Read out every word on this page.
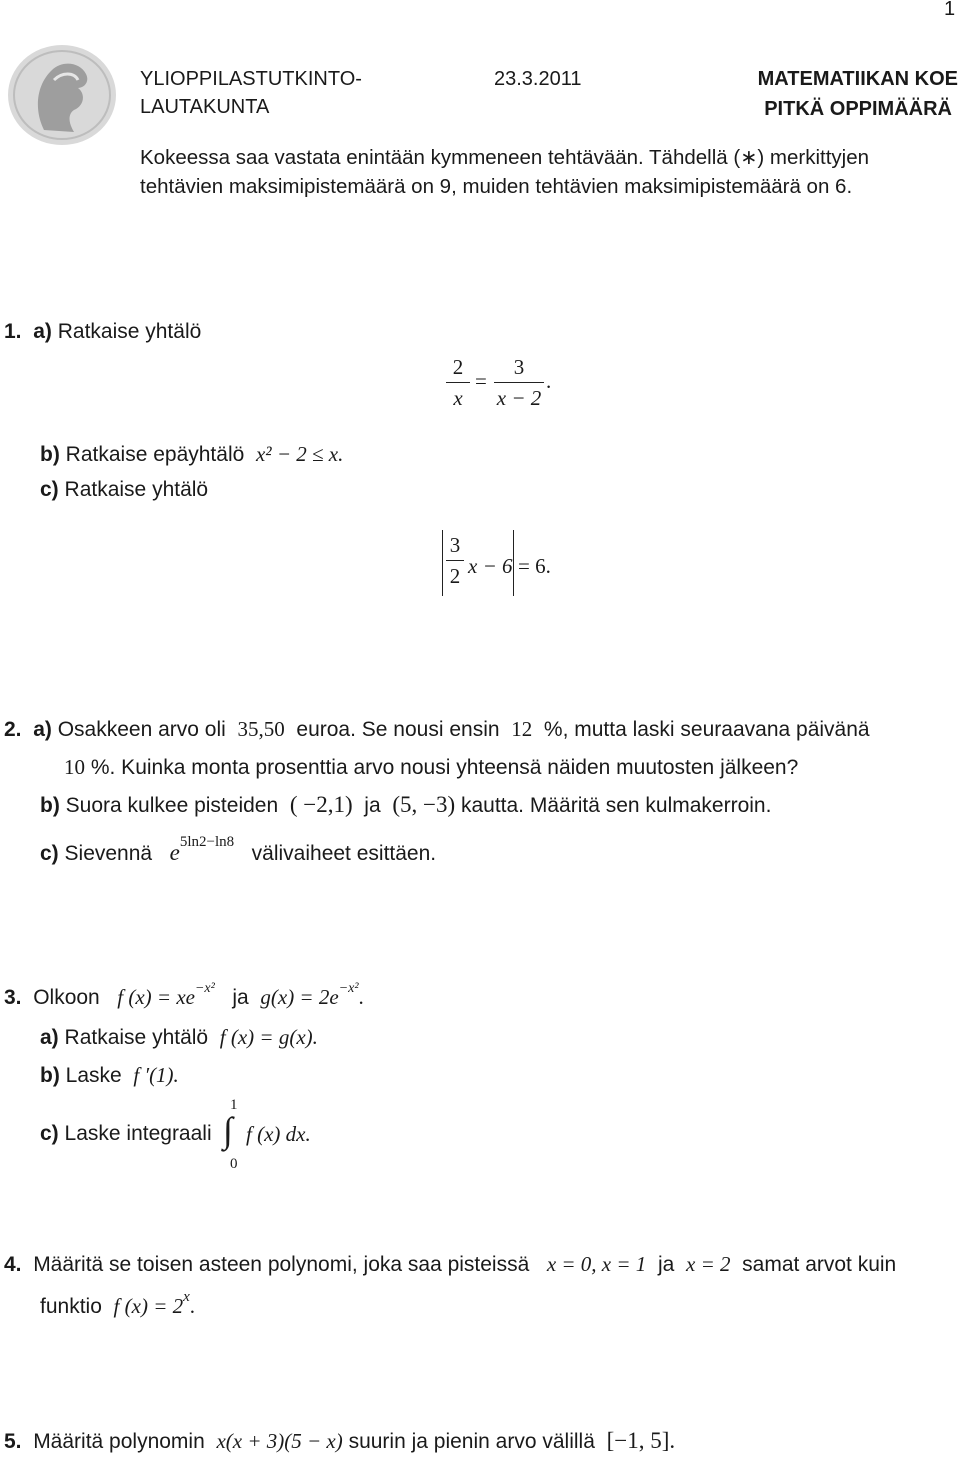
1
YLIOPPILASTUTKINTO-
LAUTAKUNTA
23.3.2011	MATEMATIIKAN KOE
PITKÄ OPPIMÄÄRÄ
Kokeessa saa vastata enintään kymmeneen tehtävään. Tähdellä (∗) merkittyjen
tehtävien maksimipistemäärä on 9, muiden tehtävien maksimipistemäärä on 6.
1. a) Ratkaise yhtälö
2
x
=
3
x − 2
.
b) Ratkaise epäyhtälö x² − 2 ≤ x.
c) Ratkaise yhtälö
3
2 x − 6 = 6.
2. a) Osakkeen arvo oli 35,50 euroa. Se nousi ensin 12 %, mutta laski seuraavana päivänä
10 %. Kuinka monta prosenttia arvo nousi yhteensä näiden muutosten jälkeen?
b) Suora kulkee pisteiden ( −2,1) ja (5, −3) kautta. Määritä sen kulmakerroin.
c) Sievennä $e^{5ln2-ln8}$ välivaiheet esittäen.
3. Olkoon f $(x) = xe^{-x^2}$ ja $g(x) = 2e^{-x^2}$.
a) Ratkaise yhtälö f (x) = g(x).
b) Laske f ′(1).
c) Laske integraali
1
∫
0
f (x) dx.
4. Määritä se toisen asteen polynomi, joka saa pisteissä x = 0, x = 1 ja x = 2 samat arvot kuin
funktio f $(x) = 2^x$.
5. Määritä polynomin x(x + 3)(5 − x) suurin ja pienin arvo välillä [−1, 5].
